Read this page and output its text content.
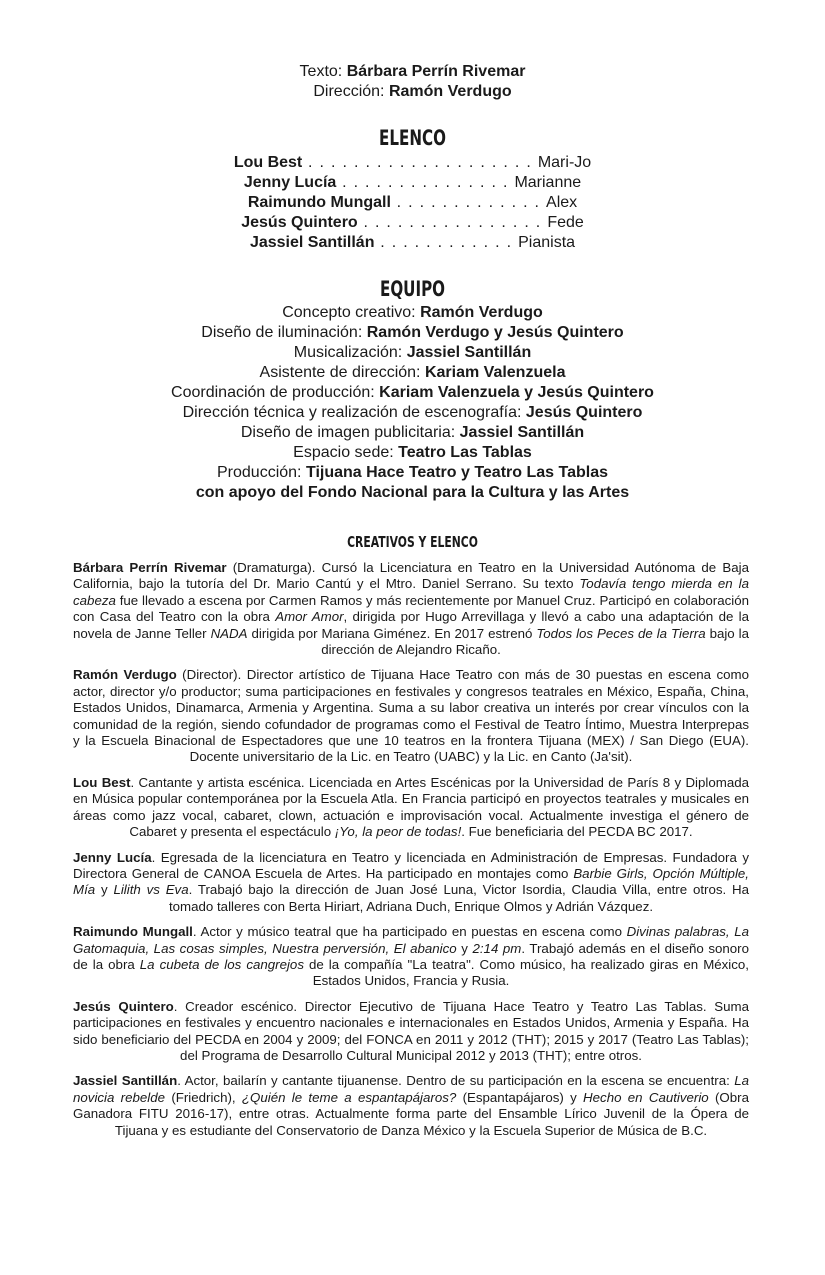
Texto: Bárbara Perrín Rivemar
Dirección: Ramón Verdugo
ELENCO
Lou Best . . . . . . . . . . . . . . . . . . . . Mari-Jo
Jenny Lucía . . . . . . . . . . . . . . . Marianne
Raimundo Mungall . . . . . . . . . . . . . Alex
Jesús Quintero . . . . . . . . . . . . . . . . Fede
Jassiel Santillán . . . . . . . . . . . . Pianista
EQUIPO
Concepto creativo: Ramón Verdugo
Diseño de iluminación: Ramón Verdugo y Jesús Quintero
Musicalización: Jassiel Santillán
Asistente de dirección: Kariam Valenzuela
Coordinación de producción: Kariam Valenzuela y Jesús Quintero
Dirección técnica y realización de escenografía: Jesús Quintero
Diseño de imagen publicitaria: Jassiel Santillán
Espacio sede: Teatro Las Tablas
Producción: Tijuana Hace Teatro y Teatro Las Tablas
con apoyo del Fondo Nacional para la Cultura y las Artes
CREATIVOS Y ELENCO

Bárbara Perrín Rivemar (Dramaturga). Cursó la Licenciatura en Teatro en la Universidad Autónoma de Baja California, bajo la tutoría del Dr. Mario Cantú y el Mtro. Daniel Serrano. Su texto Todavía tengo mierda en la cabeza fue llevado a escena por Carmen Ramos y más recientemente por Manuel Cruz. Participó en colaboración con Casa del Teatro con la obra Amor Amor, dirigida por Hugo Arrevillaga y llevó a cabo una adaptación de la novela de Janne Teller NADA dirigida por Mariana Giménez. En 2017 estrenó Todos los Peces de la Tierra bajo la dirección de Alejandro Ricaño.

Ramón Verdugo (Director). Director artístico de Tijuana Hace Teatro con más de 30 puestas en escena como actor, director y/o productor; suma participaciones en festivales y congresos teatrales en México, España, China, Estados Unidos, Dinamarca, Armenia y Argentina. Suma a su labor creativa un interés por crear vínculos con la comunidad de la región, siendo cofundador de programas como el Festival de Teatro Íntimo, Muestra Interprepas y la Escuela Binacional de Espectadores que une 10 teatros en la frontera Tijuana (MEX) / San Diego (EUA). Docente universitario de la Lic. en Teatro (UABC) y la Lic. en Canto (Ja'sit).

Lou Best. Cantante y artista escénica. Licenciada en Artes Escénicas por la Universidad de París 8 y Diplomada en Música popular contemporánea por la Escuela Atla. En Francia participó en proyectos teatrales y musicales en áreas como jazz vocal, cabaret, clown, actuación e improvisación vocal. Actualmente investiga el género de Cabaret y presenta el espectáculo ¡Yo, la peor de todas!. Fue beneficiaria del PECDA BC 2017.

Jenny Lucía. Egresada de la licenciatura en Teatro y licenciada en Administración de Empresas. Fundadora y Directora General de CANOA Escuela de Artes. Ha participado en montajes como Barbie Girls, Opción Múltiple, Mía y Lilith vs Eva. Trabajó bajo la dirección de Juan José Luna, Victor Isordia, Claudia Villa, entre otros. Ha tomado talleres con Berta Hiriart, Adriana Duch, Enrique Olmos y Adrián Vázquez.

Raimundo Mungall. Actor y músico teatral que ha participado en puestas en escena como Divinas palabras, La Gatomaquia, Las cosas simples, Nuestra perversión, El abanico y 2:14 pm. Trabajó además en el diseño sonoro de la obra La cubeta de los cangrejos de la compañía "La teatra". Como músico, ha realizado giras en México, Estados Unidos, Francia y Rusia.

Jesús Quintero. Creador escénico. Director Ejecutivo de Tijuana Hace Teatro y Teatro Las Tablas. Suma participaciones en festivales y encuentro nacionales e internacionales en Estados Unidos, Armenia y España. Ha sido beneficiario del PECDA en 2004 y 2009; del FONCA en 2011 y 2012 (THT); 2015 y 2017 (Teatro Las Tablas); del Programa de Desarrollo Cultural Municipal 2012 y 2013 (THT); entre otros.

Jassiel Santillán. Actor, bailarín y cantante tijuanense. Dentro de su participación en la escena se encuentra: La novicia rebelde (Friedrich), ¿Quién le teme a espantapájaros? (Espantapájaros) y Hecho en Cautiverio (Obra Ganadora FITU 2016-17), entre otras. Actualmente forma parte del Ensamble Lírico Juvenil de la Ópera de Tijuana y es estudiante del Conservatorio de Danza México y la Escuela Superior de Música de B.C.
